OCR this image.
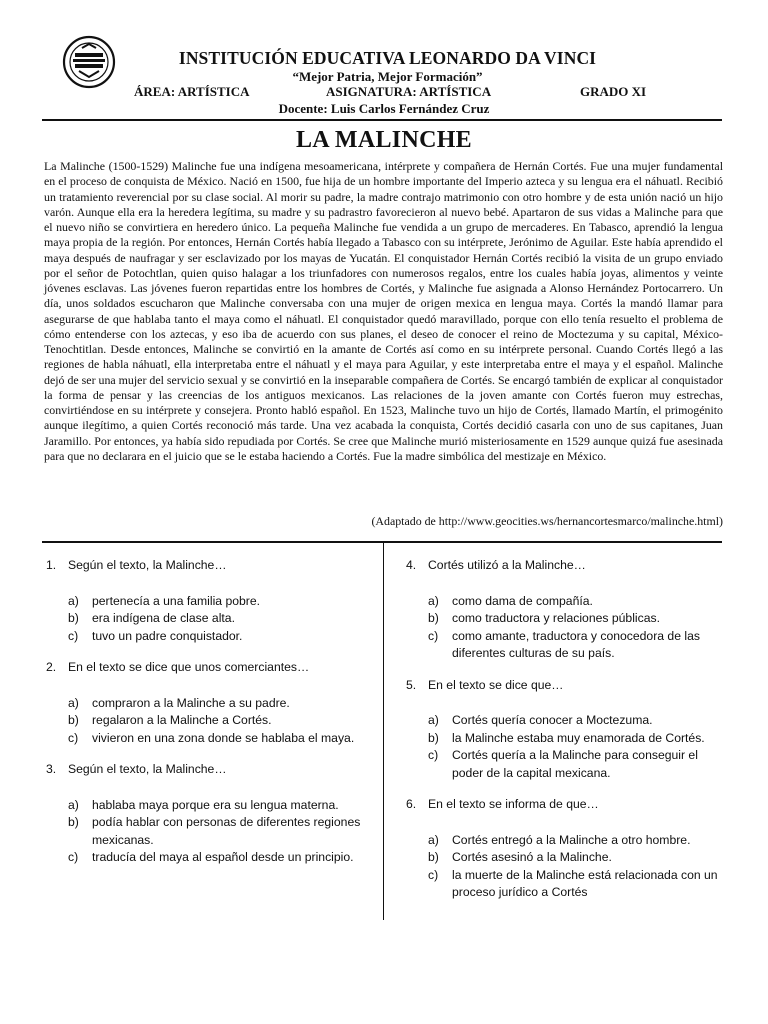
INSTITUCIÓN EDUCATIVA LEONARDO DA VINCI
“Mejor Patria, Mejor Formación”
ÁREA: ARTÍSTICA	ASIGNATURA: ARTÍSTICA	GRADO XI
Docente: Luis Carlos Fernández Cruz
LA MALINCHE

La Malinche (1500-1529) Malinche fue una indígena mesoamericana, intérprete y compañera de Hernán Cortés. Fue una mujer fundamental en el proceso de conquista de México. Nació en 1500, fue hija de un hombre importante del Imperio azteca y su lengua era el náhuatl. Recibió un tratamiento reverencial por su clase social. Al morir su padre, la madre contrajo matrimonio con otro hombre y de esta unión nació un hijo varón. Aunque ella era la heredera legítima, su madre y su padrastro favorecieron al nuevo bebé. Apartaron de sus vidas a Malinche para que el nuevo niño se convirtiera en heredero único. La pequeña Malinche fue vendida a un grupo de mercaderes. En Tabasco, aprendió la lengua maya propia de la región. Por entonces, Hernán Cortés había llegado a Tabasco con su intérprete, Jerónimo de Aguilar. Este había aprendido el maya después de naufragar y ser esclavizado por los mayas de Yucatán. El conquistador Hernán Cortés recibió la visita de un grupo enviado por el señor de Potochtlan, quien quiso halagar a los triunfadores con numerosos regalos, entre los cuales había joyas, alimentos y veinte jóvenes esclavas. Las jóvenes fueron repartidas entre los hombres de Cortés, y Malinche fue asignada a Alonso Hernández Portocarrero. Un día, unos soldados escucharon que Malinche conversaba con una mujer de origen mexica en lengua maya. Cortés la mandó llamar para asegurarse de que hablaba tanto el maya como el náhuatl. El conquistador quedó maravillado, porque con ello tenía resuelto el problema de cómo entenderse con los aztecas, y eso iba de acuerdo con sus planes, el deseo de conocer el reino de Moctezuma y su capital, México-Tenochtitlan. Desde entonces, Malinche se convirtió en la amante de Cortés así como en su intérprete personal. Cuando Cortés llegó a las regiones de habla náhuatl, ella interpretaba entre el náhuatl y el maya para Aguilar, y este interpretaba entre el maya y el español. Malinche dejó de ser una mujer del servicio sexual y se convirtió en la inseparable compañera de Cortés. Se encargó también de explicar al conquistador la forma de pensar y las creencias de los antiguos mexicanos. Las relaciones de la joven amante con Cortés fueron muy estrechas, convirtiéndose en su intérprete y consejera. Pronto habló español. En 1523, Malinche tuvo un hijo de Cortés, llamado Martín, el primogénito aunque ilegítimo, a quien Cortés reconoció más tarde. Una vez acabada la conquista, Cortés decidió casarla con uno de sus capitanes, Juan Jaramillo. Por entonces, ya había sido repudiada por Cortés. Se cree que Malinche murió misteriosamente en 1529 aunque quizá fue asesinada para que no declarara en el juicio que se le estaba haciendo a Cortés. Fue la madre simbólica del mestizaje en México.

(Adaptado de http://www.geocities.ws/hernancortesmarco/malinche.html)
1. Según el texto, la Malinche…
a)	pertenecía a una familia pobre.
b)	era indígena de clase alta.
c)	tuvo un padre conquistador.
2. En el texto se dice que unos comerciantes…
a)	compraron a la Malinche a su padre.
b)	regalaron a la Malinche a Cortés.
c)	vivieron en una zona donde se hablaba el maya.
3. Según el texto, la Malinche…
a)	hablaba maya porque era su lengua materna.
b)	podía hablar con personas de diferentes regiones mexicanas.
c)	traducía del maya al español desde un principio.
4. Cortés utilizó a la Malinche…
a)	como dama de compañía.
b)	como traductora y relaciones públicas.
c)	como amante, traductora y conocedora de las diferentes culturas de su país.
5. En el texto se dice que…
a)	Cortés quería conocer a Moctezuma.
b)	la Malinche estaba muy enamorada de Cortés.
c)	Cortés quería a la Malinche para conseguir el poder de la capital mexicana.
6. En el texto se informa de que…
a)	Cortés entregó a la Malinche a otro hombre.
b)	Cortés asesinó a la Malinche.
c)	la muerte de la Malinche está relacionada con un proceso jurídico a Cortés
